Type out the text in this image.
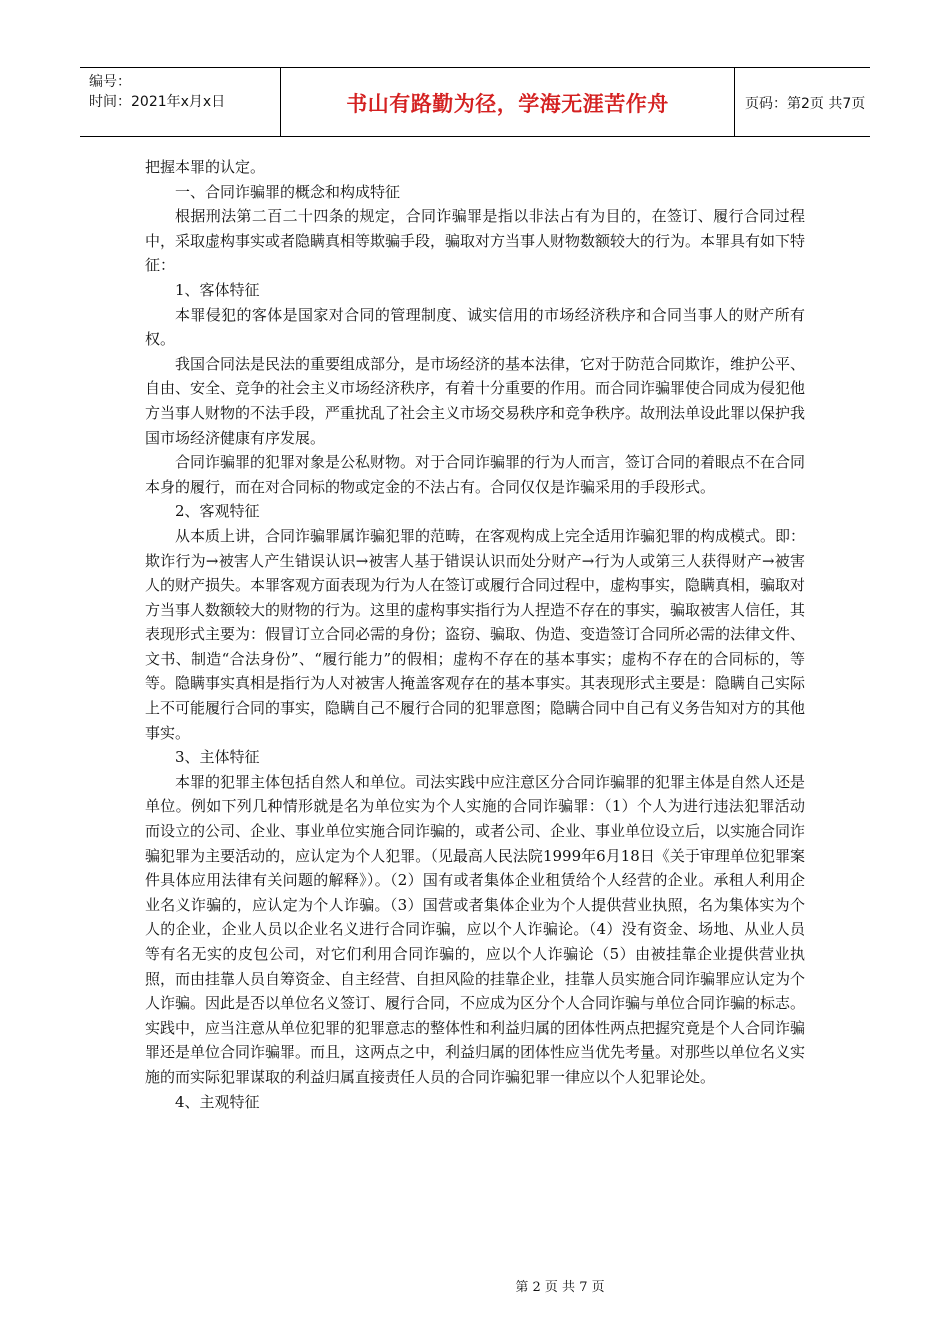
编号：
时间：2021年x月x日	书山有路勤为径，学海无涯苦作舟	页码：第2页 共7页

把握本罪的认定。

一、合同诈骗罪的概念和构成特征

根据刑法第二百二十四条的规定，合同诈骗罪是指以非法占有为目的，在签订、履行合同过程中，采取虚构事实或者隐瞒真相等欺骗手段，骗取对方当事人财物数额较大的行为。本罪具有如下特征：

1、客体特征

本罪侵犯的客体是国家对合同的管理制度、诚实信用的市场经济秩序和合同当事人的财产所有权。

我国合同法是民法的重要组成部分，是市场经济的基本法律，它对于防范合同欺诈，维护公平、自由、安全、竞争的社会主义市场经济秩序，有着十分重要的作用。而合同诈骗罪使合同成为侵犯他方当事人财物的不法手段，严重扰乱了社会主义市场交易秩序和竞争秩序。故刑法单设此罪以保护我国市场经济健康有序发展。

合同诈骗罪的犯罪对象是公私财物。对于合同诈骗罪的行为人而言，签订合同的着眼点不在合同本身的履行，而在对合同标的物或定金的不法占有。合同仅仅是诈骗采用的手段形式。

2、客观特征

从本质上讲，合同诈骗罪属诈骗犯罪的范畴，在客观构成上完全适用诈骗犯罪的构成模式。即：欺诈行为→被害人产生错误认识→被害人基于错误认识而处分财产→行为人或第三人获得财产→被害人的财产损失。本罪客观方面表现为行为人在签订或履行合同过程中，虚构事实，隐瞒真相，骗取对方当事人数额较大的财物的行为。这里的虚构事实指行为人捏造不存在的事实，骗取被害人信任，其表现形式主要为：假冒订立合同必需的身份；盗窃、骗取、伪造、变造签订合同所必需的法律文件、文书、制造“合法身份”、“履行能力”的假相；虚构不存在的基本事实；虚构不存在的合同标的，等等。隐瞒事实真相是指行为人对被害人掩盖客观存在的基本事实。其表现形式主要是：隐瞒自己实际上不可能履行合同的事实，隐瞒自己不履行合同的犯罪意图；隐瞒合同中自己有义务告知对方的其他事实。

3、主体特征

本罪的犯罪主体包括自然人和单位。司法实践中应注意区分合同诈骗罪的犯罪主体是自然人还是单位。例如下列几种情形就是名为单位实为个人实施的合同诈骗罪：（1）个人为进行违法犯罪活动而设立的公司、企业、事业单位实施合同诈骗的，或者公司、企业、事业单位设立后，以实施合同诈骗犯罪为主要活动的，应认定为个人犯罪。（见最高人民法院1999年6月18日《关于审理单位犯罪案件具体应用法律有关问题的解释》）。（2）国有或者集体企业租赁给个人经营的企业。承租人利用企业名义诈骗的，应认定为个人诈骗。（3）国营或者集体企业为个人提供营业执照，名为集体实为个人的企业，企业人员以企业名义进行合同诈骗，应以个人诈骗论。（4）没有资金、场地、从业人员等有名无实的皮包公司，对它们利用合同诈骗的，应以个人诈骗论（5）由被挂靠企业提供营业执照，而由挂靠人员自筹资金、自主经营、自担风险的挂靠企业，挂靠人员实施合同诈骗罪应认定为个人诈骗。因此是否以单位名义签订、履行合同，不应成为区分个人合同诈骗与单位合同诈骗的标志。实践中，应当注意从单位犯罪的犯罪意志的整体性和利益归属的团体性两点把握究竟是个人合同诈骗罪还是单位合同诈骗罪。而且，这两点之中，利益归属的团体性应当优先考量。对那些以单位名义实施的而实际犯罪谋取的利益归属直接责任人员的合同诈骗犯罪一律应以个人犯罪论处。

4、主观特征

第 2 页 共 7 页
